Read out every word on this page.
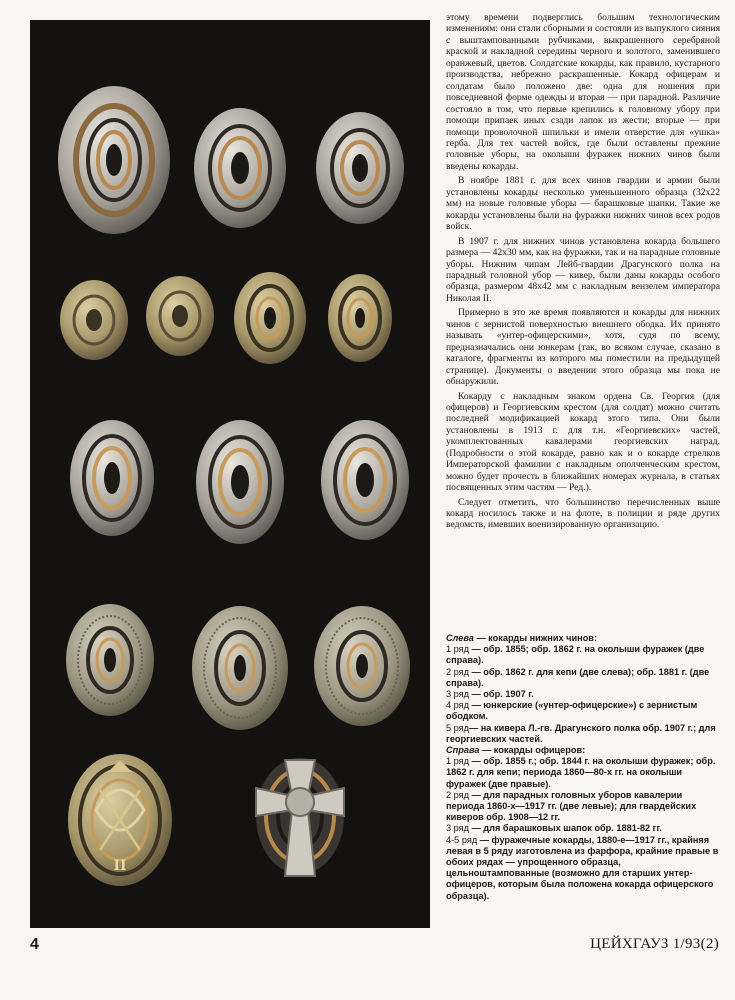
II

этому времени подверглись большим технологическим изменениям: они стали сборными и состояли из выпуклого сияния с выштампованными рубчиками, выкрашенного серебряной краской и накладной середины черного и золотого, заменившего оранжевый, цветов. Солдатские кокарды, как правило, кустарного производства, небрежно раскрашенные. Кокард офицерам и солдатам было положено две: одна для ношения при повседневной форме одежды и вторая — при парадной. Различие состояло в том, что первые крепились к головному убору при помощи припаек иных сзади лапок из жести; вторые — при помощи проволочной шпильки и имели отверстие для «ушка» герба. Для тех частей войск, где были оставлены прежние головные уборы, на околыши фуражек нижних чинов были введены кокарды.

В ноябре 1881 г. для всех чинов гвардии и армии были установлены кокарды несколько уменьшенного образца (32x22 мм) на новые головные уборы — барашковые шапки. Такие же кокарды установлены были на фуражки нижних чинов всех родов войск.

В 1907 г. для нижних чинов установлена кокарда большего размера — 42x30 мм, как на фуражки, так и на парадные головные уборы. Нижним чипам Лейб-гвардии Драгунского полка на парадный головной убор — кивер, были даны кокарды особого образца, размером 48x42 мм с накладным вензелем императора Николая II.

Примерно в это же время появляются и кокарды для нижних чинов с зернистой поверхностью внешнего ободка. Их принято называть «унтер-офицерскими», хотя, судя по всему, предназначались они юнкерам (так, во всяком случае, сказано в каталоге, фрагменты из которого мы поместили на предыдущей странице). Документы о введении этого образца мы пока не обнаружили.

Кокарду с накладным знаком ордена Св. Георгия (для офицеров) и Георгиевским крестом (для солдат) можно считать последней модификацией кокард этого типа. Они были установлены в 1913 г. для т.н. «Георгиевских» частей, укомплектованных кавалерами георгиевских наград. (Подробности о этой кокарде, равно как и о кокарде стрелков Императорской фамилии с накладным ополченческим крестом, можно будет прочесть в ближайших номерах журнала, в статьях посвященных этим частям — Ред.).

Следует отметить, что большинство перечисленных выше кокард носилось также и на флоте, в полиции и ряде других ведомств, имевших военизированную организацию.

Слева — кокарды нижних чинов:

1 ряд — обр. 1855; обр. 1862 г. на околыши фуражек (две справа).

2 ряд — обр. 1862 г. для кепи (две слева); обр. 1881 г. (две справа).

3 ряд — обр. 1907 г.

4 ряд — юнкерские («унтер-офицерские») с зернистым ободком.

5 ряд— на кивера Л.-гв. Драгунского полка обр. 1907 г.; для георгиевских частей.

Справа — кокарды офицеров:

1 ряд — обр. 1855 г.; обр. 1844 г. на околыши фуражек; обр. 1862 г. для кепи; периода 1860—80-х гг. на околыши фуражек (две правые).

2 ряд — для парадных головных уборов кавалерии периода 1860-х—1917 гг. (две левые); для гвардейских киверов обр. 1908—12 гг.

3 ряд — для барашковых шапок обр. 1881-82 гг.

4-5 ряд — фуражечные кокарды, 1880-е—1917 гг., крайняя левая в 5 ряду изготовлена из фарфора, крайние правые в обоих рядах — упрощенного образца, цельноштампованные (возможно для старших унтер-офицеров, которым была положена кокарда офицерского образца).

4	ЦЕЙХГАУЗ 1/93(2)
